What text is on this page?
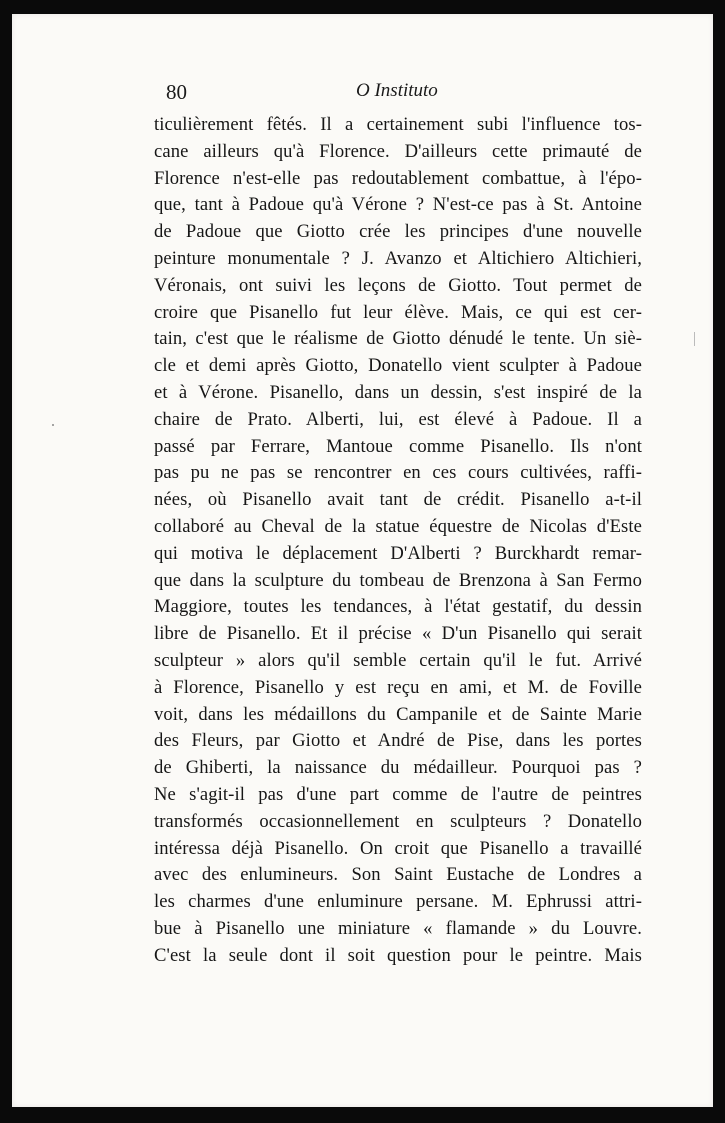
80	O Instituto
ticulièrement fêtés. Il a certainement subi l'influence tos-
cane ailleurs qu'à Florence. D'ailleurs cette primauté de
Florence n'est-elle pas redoutablement combattue, à l'épo-
que, tant à Padoue qu'à Vérone ? N'est-ce pas à St. Antoine
de Padoue que Giotto crée les principes d'une nouvelle
peinture monumentale ? J. Avanzo et Altichiero Altichieri,
Véronais, ont suivi les leçons de Giotto. Tout permet de
croire que Pisanello fut leur élève. Mais, ce qui est cer-
tain, c'est que le réalisme de Giotto dénudé le tente. Un siè-
cle et demi après Giotto, Donatello vient sculpter à Padoue
et à Vérone. Pisanello, dans un dessin, s'est inspiré de la
chaire de Prato. Alberti, lui, est élevé à Padoue. Il a
passé par Ferrare, Mantoue comme Pisanello. Ils n'ont
pas pu ne pas se rencontrer en ces cours cultivées, raffi-
nées, où Pisanello avait tant de crédit. Pisanello a-t-il
collaboré au Cheval de la statue équestre de Nicolas d'Este
qui motiva le déplacement D'Alberti ? Burckhardt remar-
que dans la sculpture du tombeau de Brenzona à San Fermo
Maggiore, toutes les tendances, à l'état gestatif, du dessin
libre de Pisanello. Et il précise « D'un Pisanello qui serait
sculpteur » alors qu'il semble certain qu'il le fut. Arrivé
à Florence, Pisanello y est reçu en ami, et M. de Foville
voit, dans les médaillons du Campanile et de Sainte Marie
des Fleurs, par Giotto et André de Pise, dans les portes
de Ghiberti, la naissance du médailleur. Pourquoi pas ?
Ne s'agit-il pas d'une part comme de l'autre de peintres
transformés occasionnellement en sculpteurs ? Donatello
intéressa déjà Pisanello. On croit que Pisanello a travaillé
avec des enlumineurs. Son Saint Eustache de Londres a
les charmes d'une enluminure persane. M. Ephrussi attri-
bue à Pisanello une miniature « flamande » du Louvre.
C'est la seule dont il soit question pour le peintre. Mais
